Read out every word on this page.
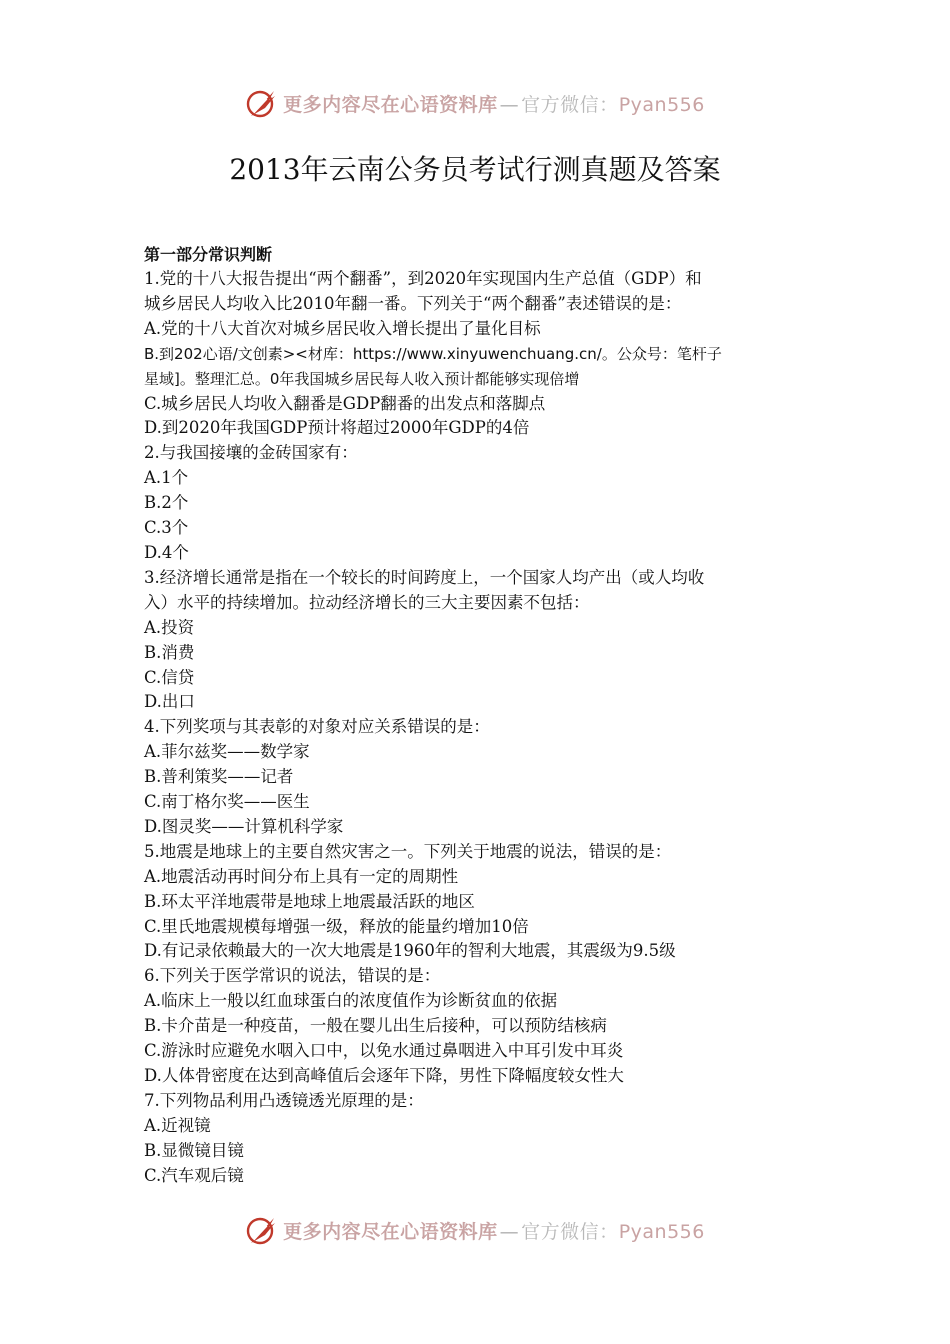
更多内容尽在心语资料库 — 官方微信：Pyan556
2013年云南公务员考试行测真题及答案
第一部分常识判断
1.党的十八大报告提出“两个翻番”，到2020年实现国内生产总值（GDP）和
城乡居民人均收入比2010年翻一番。下列关于“两个翻番”表述错误的是：
A.党的十八大首次对城乡居民收入增长提出了量化目标
B.到202心语/文创素><材库：https://www.xinyuwenchuang.cn/。公众号：笔杆子
星域]。整理汇总。0年我国城乡居民每人收入预计都能够实现倍增
C.城乡居民人均收入翻番是GDP翻番的出发点和落脚点
D.到2020年我国GDP预计将超过2000年GDP的4倍
2.与我国接壤的金砖国家有：
A.1个
B.2个
C.3个
D.4个
3.经济增长通常是指在一个较长的时间跨度上，一个国家人均产出（或人均收
入）水平的持续增加。拉动经济增长的三大主要因素不包括：
A.投资
B.消费
C.信贷
D.出口
4.下列奖项与其表彰的对象对应关系错误的是：
A.菲尔兹奖——数学家
B.普利策奖——记者
C.南丁格尔奖——医生
D.图灵奖——计算机科学家
5.地震是地球上的主要自然灾害之一。下列关于地震的说法，错误的是：
A.地震活动再时间分布上具有一定的周期性
B.环太平洋地震带是地球上地震最活跃的地区
C.里氏地震规模每增强一级，释放的能量约增加10倍
D.有记录依赖最大的一次大地震是1960年的智利大地震，其震级为9.5级
6.下列关于医学常识的说法，错误的是：
A.临床上一般以红血球蛋白的浓度值作为诊断贫血的依据
B.卡介苗是一种疫苗，一般在婴儿出生后接种，可以预防结核病
C.游泳时应避免水咽入口中，以免水通过鼻咽进入中耳引发中耳炎
D.人体骨密度在达到高峰值后会逐年下降，男性下降幅度较女性大
7.下列物品利用凸透镜透光原理的是：
A.近视镜
B.显微镜目镜
C.汽车观后镜
更多内容尽在心语资料库 — 官方微信：Pyan556
